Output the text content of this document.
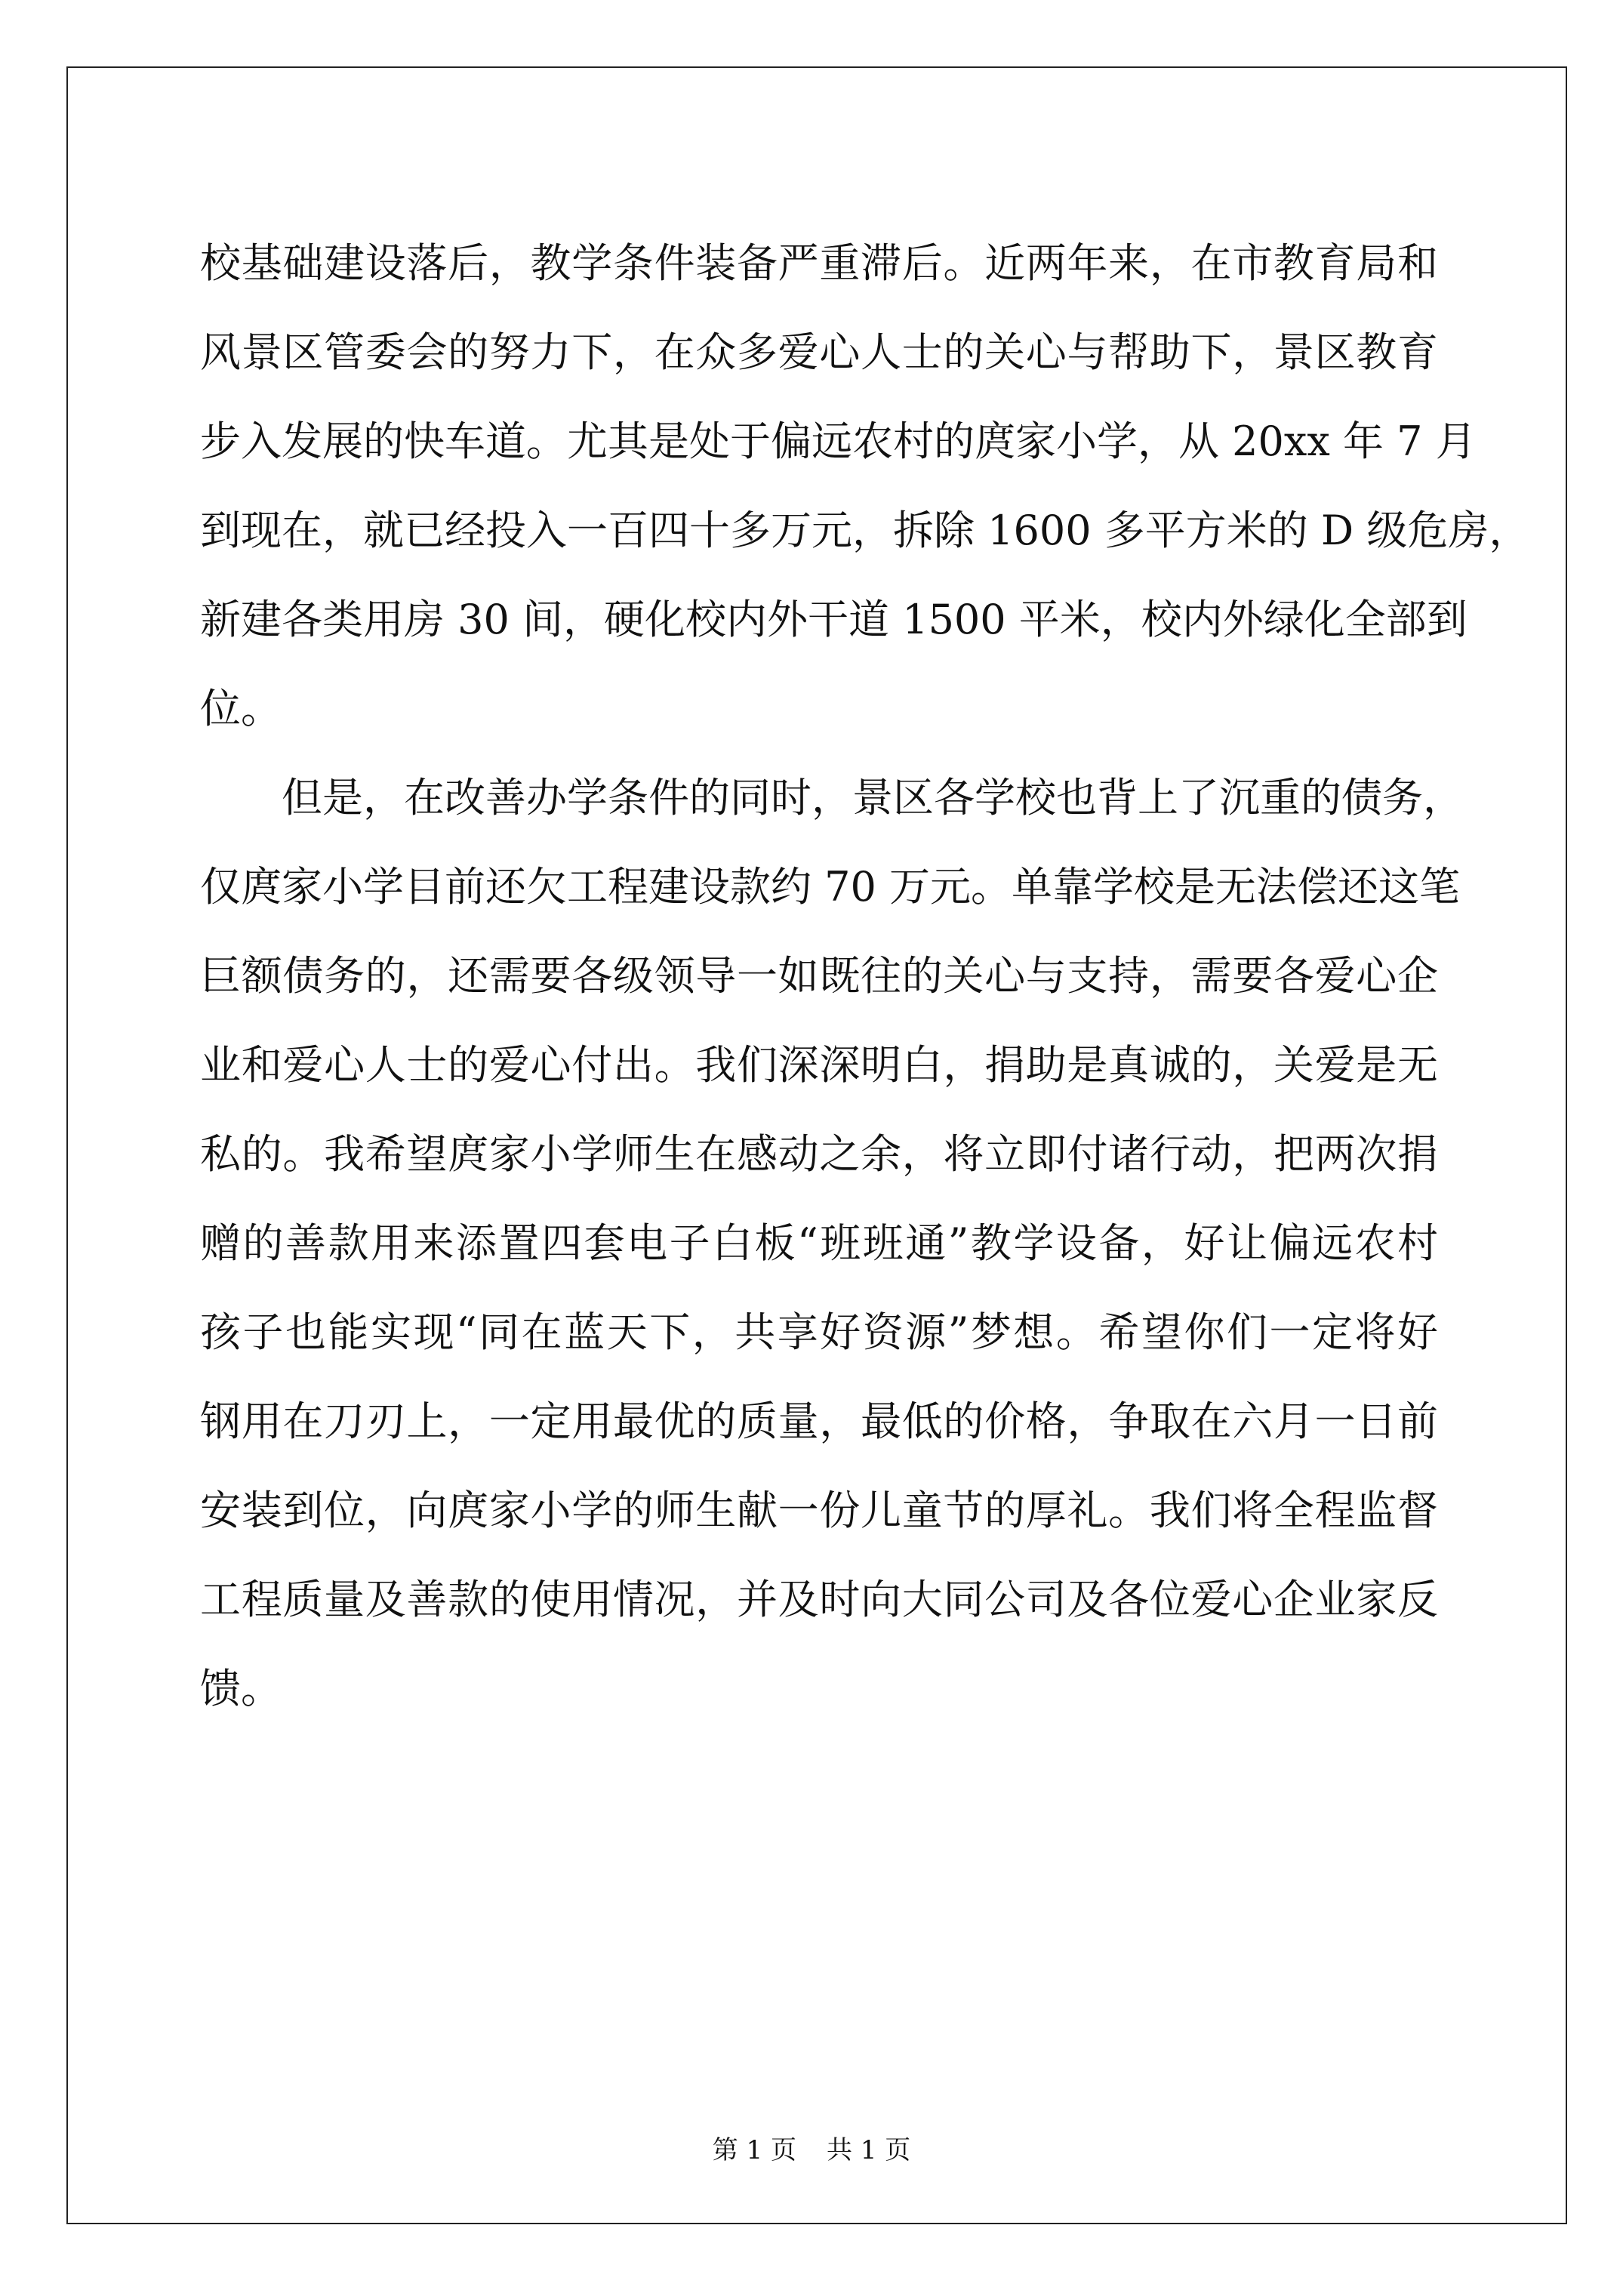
校基础建设落后，教学条件装备严重滞后。近两年来，在市教育局和
风景区管委会的努力下，在众多爱心人士的关心与帮助下，景区教育
步入发展的快车道。尤其是处于偏远农村的庹家小学，从 20xx 年 7 月
到现在，就已经投入一百四十多万元，拆除 1600 多平方米的 D 级危房，
新建各类用房 30 间，硬化校内外干道 1500 平米，校内外绿化全部到
位。
但是，在改善办学条件的同时，景区各学校也背上了沉重的债务，
仅庹家小学目前还欠工程建设款约 70 万元。单靠学校是无法偿还这笔
巨额债务的，还需要各级领导一如既往的关心与支持，需要各爱心企
业和爱心人士的爱心付出。我们深深明白，捐助是真诚的，关爱是无
私的。我希望庹家小学师生在感动之余，将立即付诸行动，把两次捐
赠的善款用来添置四套电子白板“班班通”教学设备，好让偏远农村
孩子也能实现“同在蓝天下，共享好资源”梦想。希望你们一定将好
钢用在刀刃上，一定用最优的质量，最低的价格，争取在六月一日前
安装到位，向庹家小学的师生献一份儿童节的厚礼。我们将全程监督
工程质量及善款的使用情况，并及时向大同公司及各位爱心企业家反
馈。
第 1 页 共 1 页
